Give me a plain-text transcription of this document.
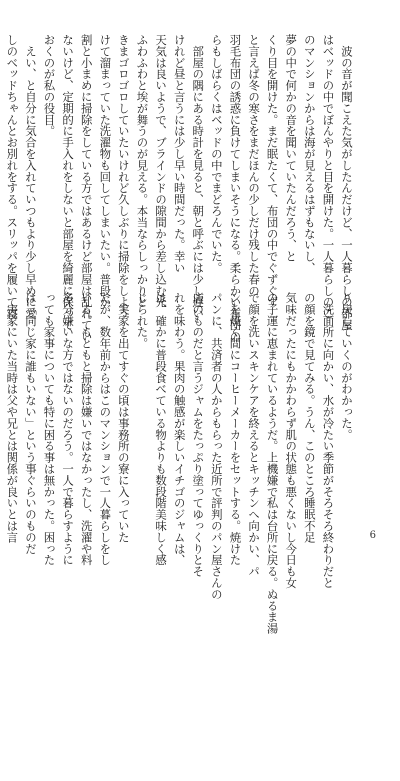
　波の音が聞こえた気がしたんだけど、一人暮らしの部屋

はベッドの中でぼんやりと目を開けた。一人暮らしのこ

のマンションからは海が見えるはずもないし、

夢の中で何かの音を聞いていたんだろう、と

くり目を開けた。まだ眠たくて、布団の中でぐずぐず

と言えば冬の寒さをまだほんの少しだけ残した春の

羽毛布団の誘惑に負けてしまいそうになる。柔らかい布団の

らもしばらくはベッドの中でまどろんでいた。

　部屋の隅にある時計を見ると、朝と呼ぶには少し遅い

けれど昼と言うには少し早い時間だった。幸い

天気は良いようで、ブラインドの隙間から差し込む光

ふわふわと埃が舞うのが見える。本当ならしっかりと

きまゴロゴロしていたいけれど久しぶりに掃除をしよう

けて溜まっていた洗濯物も回してしまいたい。普段か

割と小まめに掃除をしている方ではあるけど部屋は乱れてい

ないけど、定期的に手入れをしないと部屋を綺麗に保って

おくのが私の役目。

　えい、と自分に気合を入れていつもより少し早めに愛

しのベッドちゃんとお別れをする。スリッパを履いて寝

り戻していくのがわかった。

　洗面所に向かい、水が冷たい季節がそろそろ終わりだと

の顔を鏡で見てみる。うん、このところ睡眠不足

気味だったにもかかわらず肌の状態も悪くないし今日も女

の子運に恵まれているようだ。上機嫌で私は台所に戻る。ぬるま湯

で顔を洗いスキンケアを終えるとキッチンへ向かい、パ

ンを焼く間にコーヒーメーカーをセットする。焼けた

パンに、共済者の人からもらった近所で評判のパン屋さんの

店のものだと言うジャムをたっぷり塗ってゆっくりとそ

れを味わう。果肉の触感が楽しいイチゴのジャムは、

は、確かに普段食べている物よりも数段階美味しく感

じられた。

　実家を出てすぐの頃は事務所の寮に入っていた

たが、数年前からはこのマンションで一人暮らしをし

いる。もともと掃除は嫌いではなかったし、洗濯や料

多分嫌いな方ではないのだろう。一人で暮らすように

っても家事についても特に困る事は無かった。困った

は「同じ家に誰もいない」という事ぐらいのものだ

　実家にいた当時は父や兄とは関係が良いとは言	6
